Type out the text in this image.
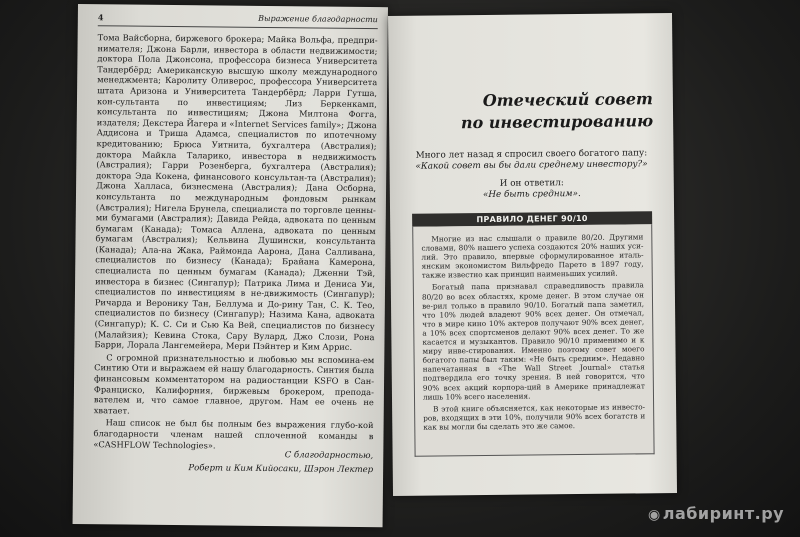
4	Выражение благодарности

Тома Вайсборна, биржевого брокера; Майка Вольфа, предпри-нимателя; Джона Барли, инвестора в области недвижимости; доктора Пола Джонсона, профессора бизнеса Университета Тандербёрд; Американскую высшую школу международного менеджмента; Каролиту Оливерос, профессора Университета штата Аризона и Университета Тандербёрд; Ларри Гутша, кон-сультанта по инвестициям; Лиз Беркенкамп, консультанта по инвестициям; Джона Милтона Фогга, издателя; Декстера Йагера и «Internet Services family»; Джона Аддисона и Триша Адамса, специалистов по ипотечному кредитованию; Брюса Уитнита, бухгалтера (Австралия); доктора Майкла Таларико, инвестора в недвижимость (Австралия); Гарри Розенберга, бухгалтера (Австралия); доктора Эда Кокена, финансового консультан-та (Австралия); Джона Халласа, бизнесмена (Австралия); Дана Осборна, консультанта по международным фондовым рынкам (Австралия); Нигела Брунела, специалиста по торговле ценны-ми бумагами (Австралия); Давида Рейда, адвоката по ценным бумагам (Канада); Томаса Аллена, адвоката по ценным бумагам (Австралия); Кельвина Душински, консультанта (Канада); Ала-на Жака, Раймонда Аарона, Дана Салливана, специалистов по бизнесу (Канада); Брайана Камерона, специалиста по ценным бумагам (Канада); Дженни Тэй, инвестора в бизнес (Сингапур); Патрика Лима и Дениса Уи, специалистов по инвестициям в не-движимость (Сингапур); Ричарда и Веронику Тан, Беллума и До-рину Тан, С. К. Тео, специалистов по бизнесу (Сингапур); Назима Кана, адвоката (Сингапур); К. С. Си и Сью Ка Вей, специалистов по бизнесу (Малайзия); Кевина Стока, Сару Вулард, Джо Слози, Рона Барри, Лорала Лангемейера, Мери Пэйнтер и Ким Аррис.

С огромной признательностью и любовью мы вспомина-ем Синтию Оти и выражаем ей нашу благодарность. Синтия была финансовым комментатором на радиостанции KSFO в Сан-Франциско, Калифорния, биржевым брокером, препода-вателем и, что самое главное, другом. Нам ее очень не хватает.

Наш список не был бы полным без выражения глубо-кой благодарности членам нашей сплоченной команды в «CASHFLOW Technologies».

С благодарностью,
Роберт и Ким Кийосаки, Шэрон Лектер
Отеческий совет
по инвестированию
Много лет назад я спросил своего богатого папу:
«Какой совет вы бы дали среднему инвестору?»
И он ответил:
«Не быть средним».
ПРАВИЛО ДЕНЕГ 90/10

Многие из нас слышали о правиле 80/20. Другими словами, 80% нашего успеха создаются 20% наших уси-лий. Это правило, впервые сформулированное италь-янским экономистом Вильфредо Парето в 1897 году, также известно как принцип наименьших усилий.

Богатый папа признавал справедливость правила 80/20 во всех областях, кроме денег. В этом случае он ве-рил только в правило 90/10. Богатый папа заметил, что 10% людей владеют 90% всех денег. Он отмечал, что в мире кино 10% актеров получают 90% всех денег, а 10% всех спортсменов делают 90% всех денег. То же касается и музыкантов. Правило 90/10 применимо и к миру инве-стирования. Именно поэтому совет моего богатого папы был таким: «Не быть средним». Недавно напечатанная в «The Wall Street Journal» статья подтвердила его точку зрения. В ней говорится, что 90% всех акций корпора-ций в Америке принадлежат лишь 10% всего населения.

В этой книге объясняется, как некоторые из инвесто-ров, входящих в эти 10%, получили 90% всех богатств и как вы могли бы сделать это же самое.

◉ лабиринт.ру
